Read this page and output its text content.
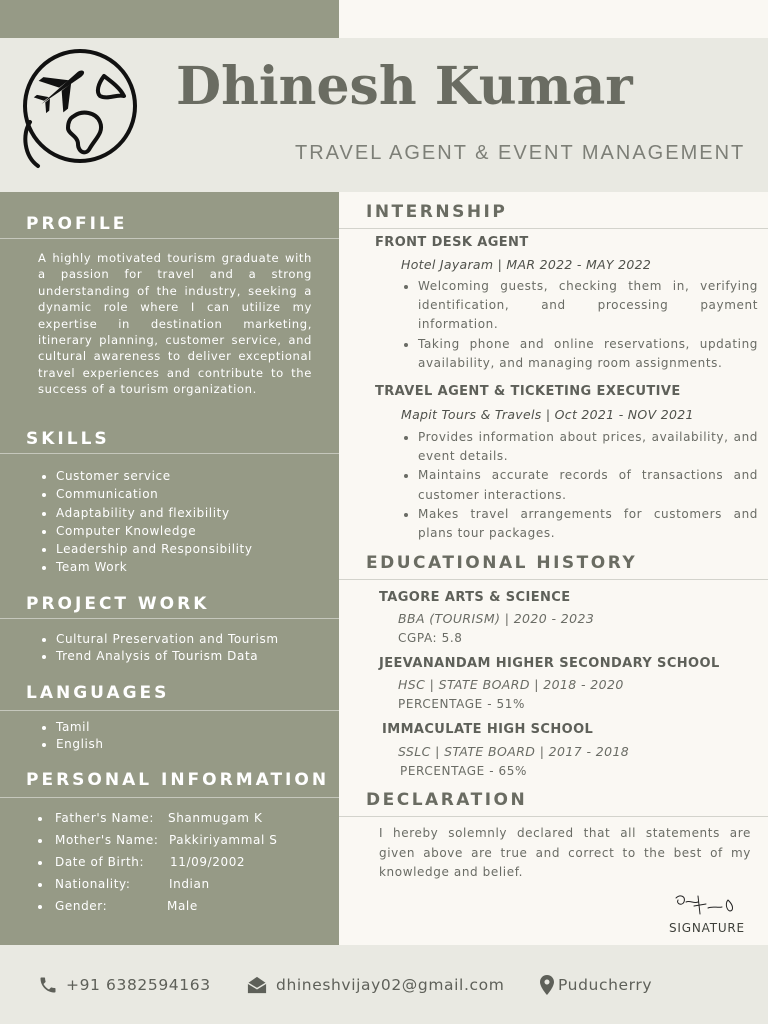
Dhinesh Kumar
TRAVEL AGENT & EVENT MANAGEMENT
PROFILE
A highly motivated tourism graduate with a passion for travel and a strong understanding of the industry, seeking a dynamic role where I can utilize my expertise in destination marketing, itinerary planning, customer service, and cultural awareness to deliver exceptional travel experiences and contribute to the success of a tourism organization.
SKILLS
• Customer service
• Communication
• Adaptability and flexibility
• Computer Knowledge
• Leadership and Responsibility
• Team Work
PROJECT WORK
• Cultural Preservation and Tourism
• Trend Analysis of Tourism Data
LANGUAGES
• Tamil
• English
PERSONAL INFORMATION
Father's Name: Shanmugam K
Mother's Name: Pakkiriyammal S
Date of Birth: 11/09/2002
Nationality:	Indian
Gender:	Male
INTERNSHIP
FRONT DESK AGENT
Hotel Jayaram | MAR 2022 - MAY 2022
• Welcoming guests, checking them in, verifying identification, and processing payment information.
• Taking phone and online reservations, updating availability, and managing room assignments.
TRAVEL AGENT & TICKETING EXECUTIVE
Mapit Tours & Travels | Oct 2021 - NOV 2021
• Provides information about prices, availability, and event details.
• Maintains accurate records of transactions and customer interactions.
• Makes travel arrangements for customers and plans tour packages.
EDUCATIONAL HISTORY
TAGORE ARTS & SCIENCE
BBA (TOURISM) | 2020 - 2023
CGPA: 5.8
JEEVANANDAM HIGHER SECONDARY SCHOOL
HSC | STATE BOARD | 2018 - 2020
PERCENTAGE - 51%
IMMACULATE HIGH SCHOOL
SSLC | STATE BOARD | 2017 - 2018
PERCENTAGE - 65%
DECLARATION
I hereby solemnly declared that all statements are given above are true and correct to the best of my knowledge and belief.
SIGNATURE
+91 6382594163	dhineshvijay02@gmail.com	Puducherry
